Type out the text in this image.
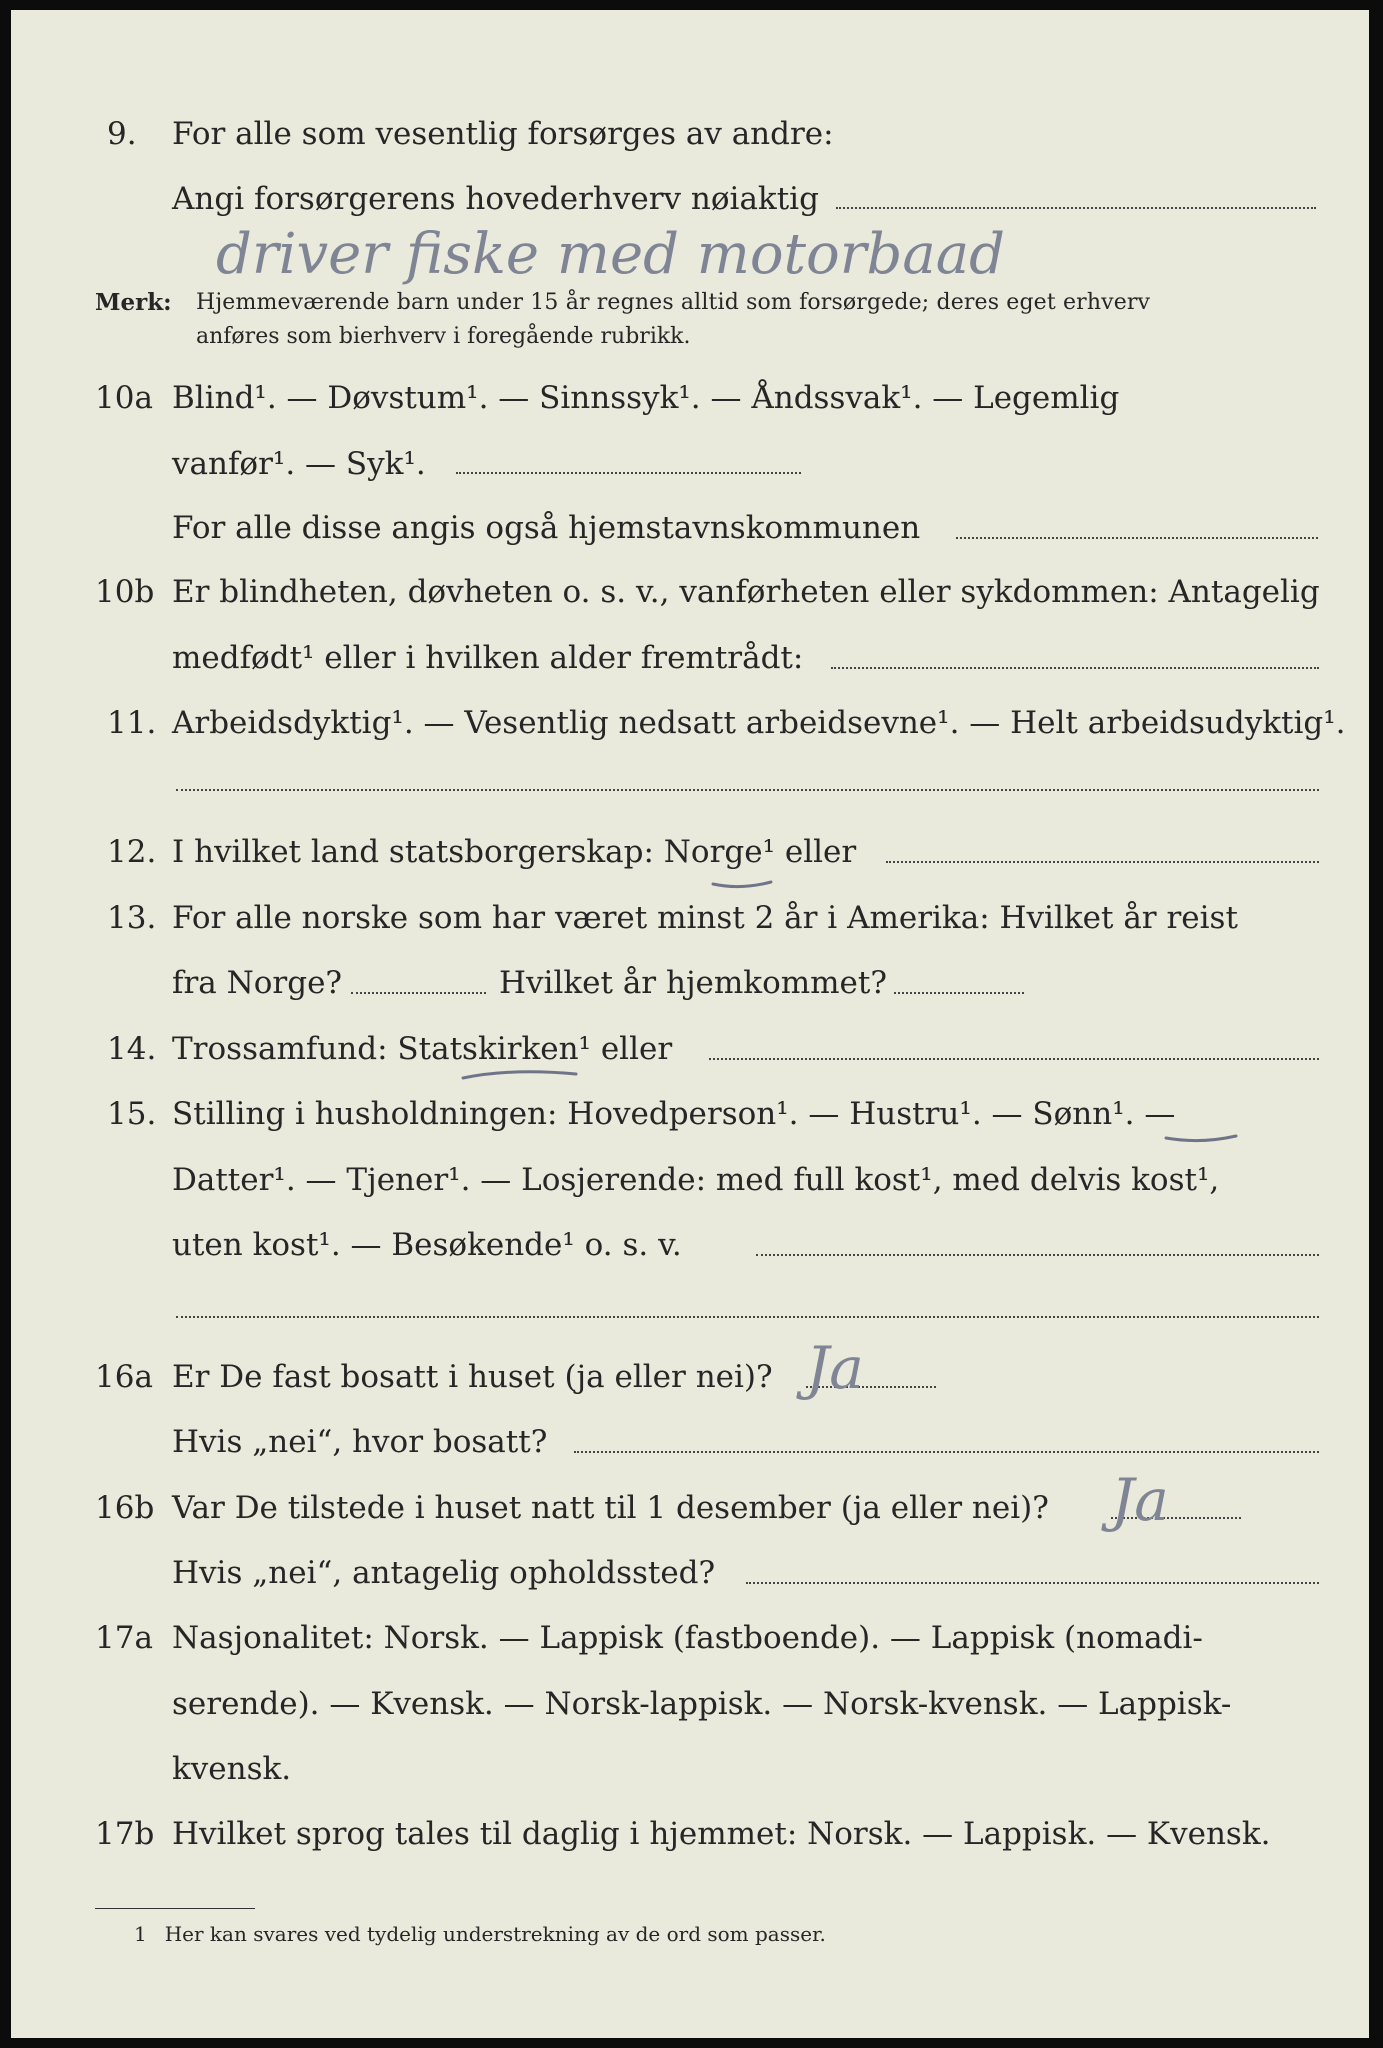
9. For alle som vesentlig forsørges av andre:
Angi forsørgerens hovederhverv nøiaktig
Merk: Hjemmeværende barn under 15 år regnes alltid som forsørgede; deres eget erhverv
anføres som bierhverv i foregående rubrikk.
10a Blind¹. — Døvstum¹. — Sinnssyk¹. — Åndssvak¹. — Legemlig
vanfør¹. — Syk¹.
For alle disse angis også hjemstavnskommunen
10b Er blindheten, døvheten o. s. v., vanførheten eller sykdommen: Antagelig
medfødt¹ eller i hvilken alder fremtrådt:
11. Arbeidsdyktig¹. — Vesentlig nedsatt arbeidsevne¹. — Helt arbeidsudyktig¹.
12. I hvilket land statsborgerskap: Norge¹ eller
13. For alle norske som har været minst 2 år i Amerika: Hvilket år reist
fra Norge?	Hvilket år hjemkommet?
14. Trossamfund: Statskirken¹ eller
15. Stilling i husholdningen: Hovedperson¹. — Hustru¹. — Sønn¹. —
Datter¹. — Tjener¹. — Losjerende: med full kost¹, med delvis kost¹,
uten kost¹. — Besøkende¹ o. s. v.
16a Er De fast bosatt i huset (ja eller nei)?
Hvis „nei“, hvor bosatt?
16b Var De tilstede i huset natt til 1 desember (ja eller nei)?
Hvis „nei“, antagelig opholdssted?
17a Nasjonalitet: Norsk. — Lappisk (fastboende). — Lappisk (nomadi-
serende). — Kvensk. — Norsk-lappisk. — Norsk-kvensk. — Lappisk-
kvensk.
17b Hvilket sprog tales til daglig i hjemmet: Norsk. — Lappisk. — Kvensk.
1 Her kan svares ved tydelig understrekning av de ord som passer.
driver fiske med motorbaad
Ja
Ja
